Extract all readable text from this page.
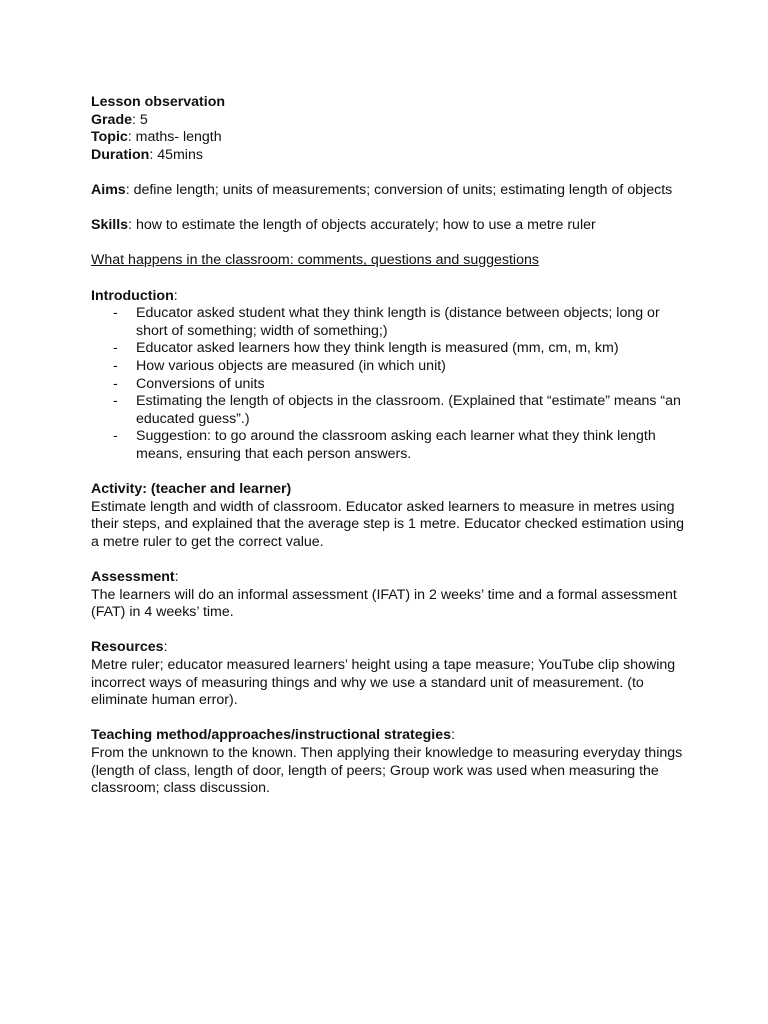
Lesson observation

Grade: 5

Topic: maths- length

Duration: 45mins

Aims: define length; units of measurements; conversion of units; estimating length of objects

Skills: how to estimate the length of objects accurately; how to use a metre ruler

What happens in the classroom: comments, questions and suggestions

Introduction:

- Educator asked student what they think length is (distance between objects; long or short of something; width of something;)
- Educator asked learners how they think length is measured (mm, cm, m, km)
- How various objects are measured (in which unit)
- Conversions of units
- Estimating the length of objects in the classroom. (Explained that “estimate” means “an educated guess”.)
- Suggestion: to go around the classroom asking each learner what they think length means, ensuring that each person answers.

Activity: (teacher and learner)

Estimate length and width of classroom. Educator asked learners to measure in metres using their steps, and explained that the average step is 1 metre. Educator checked estimation using a metre ruler to get the correct value.

Assessment:

The learners will do an informal assessment (IFAT) in 2 weeks’ time and a formal assessment (FAT) in 4 weeks’ time.

Resources:

Metre ruler; educator measured learners’ height using a tape measure; YouTube clip showing incorrect ways of measuring things and why we use a standard unit of measurement. (to eliminate human error).

Teaching method/approaches/instructional strategies:

From the unknown to the known. Then applying their knowledge to measuring everyday things (length of class, length of door, length of peers; Group work was used when measuring the classroom; class discussion.
